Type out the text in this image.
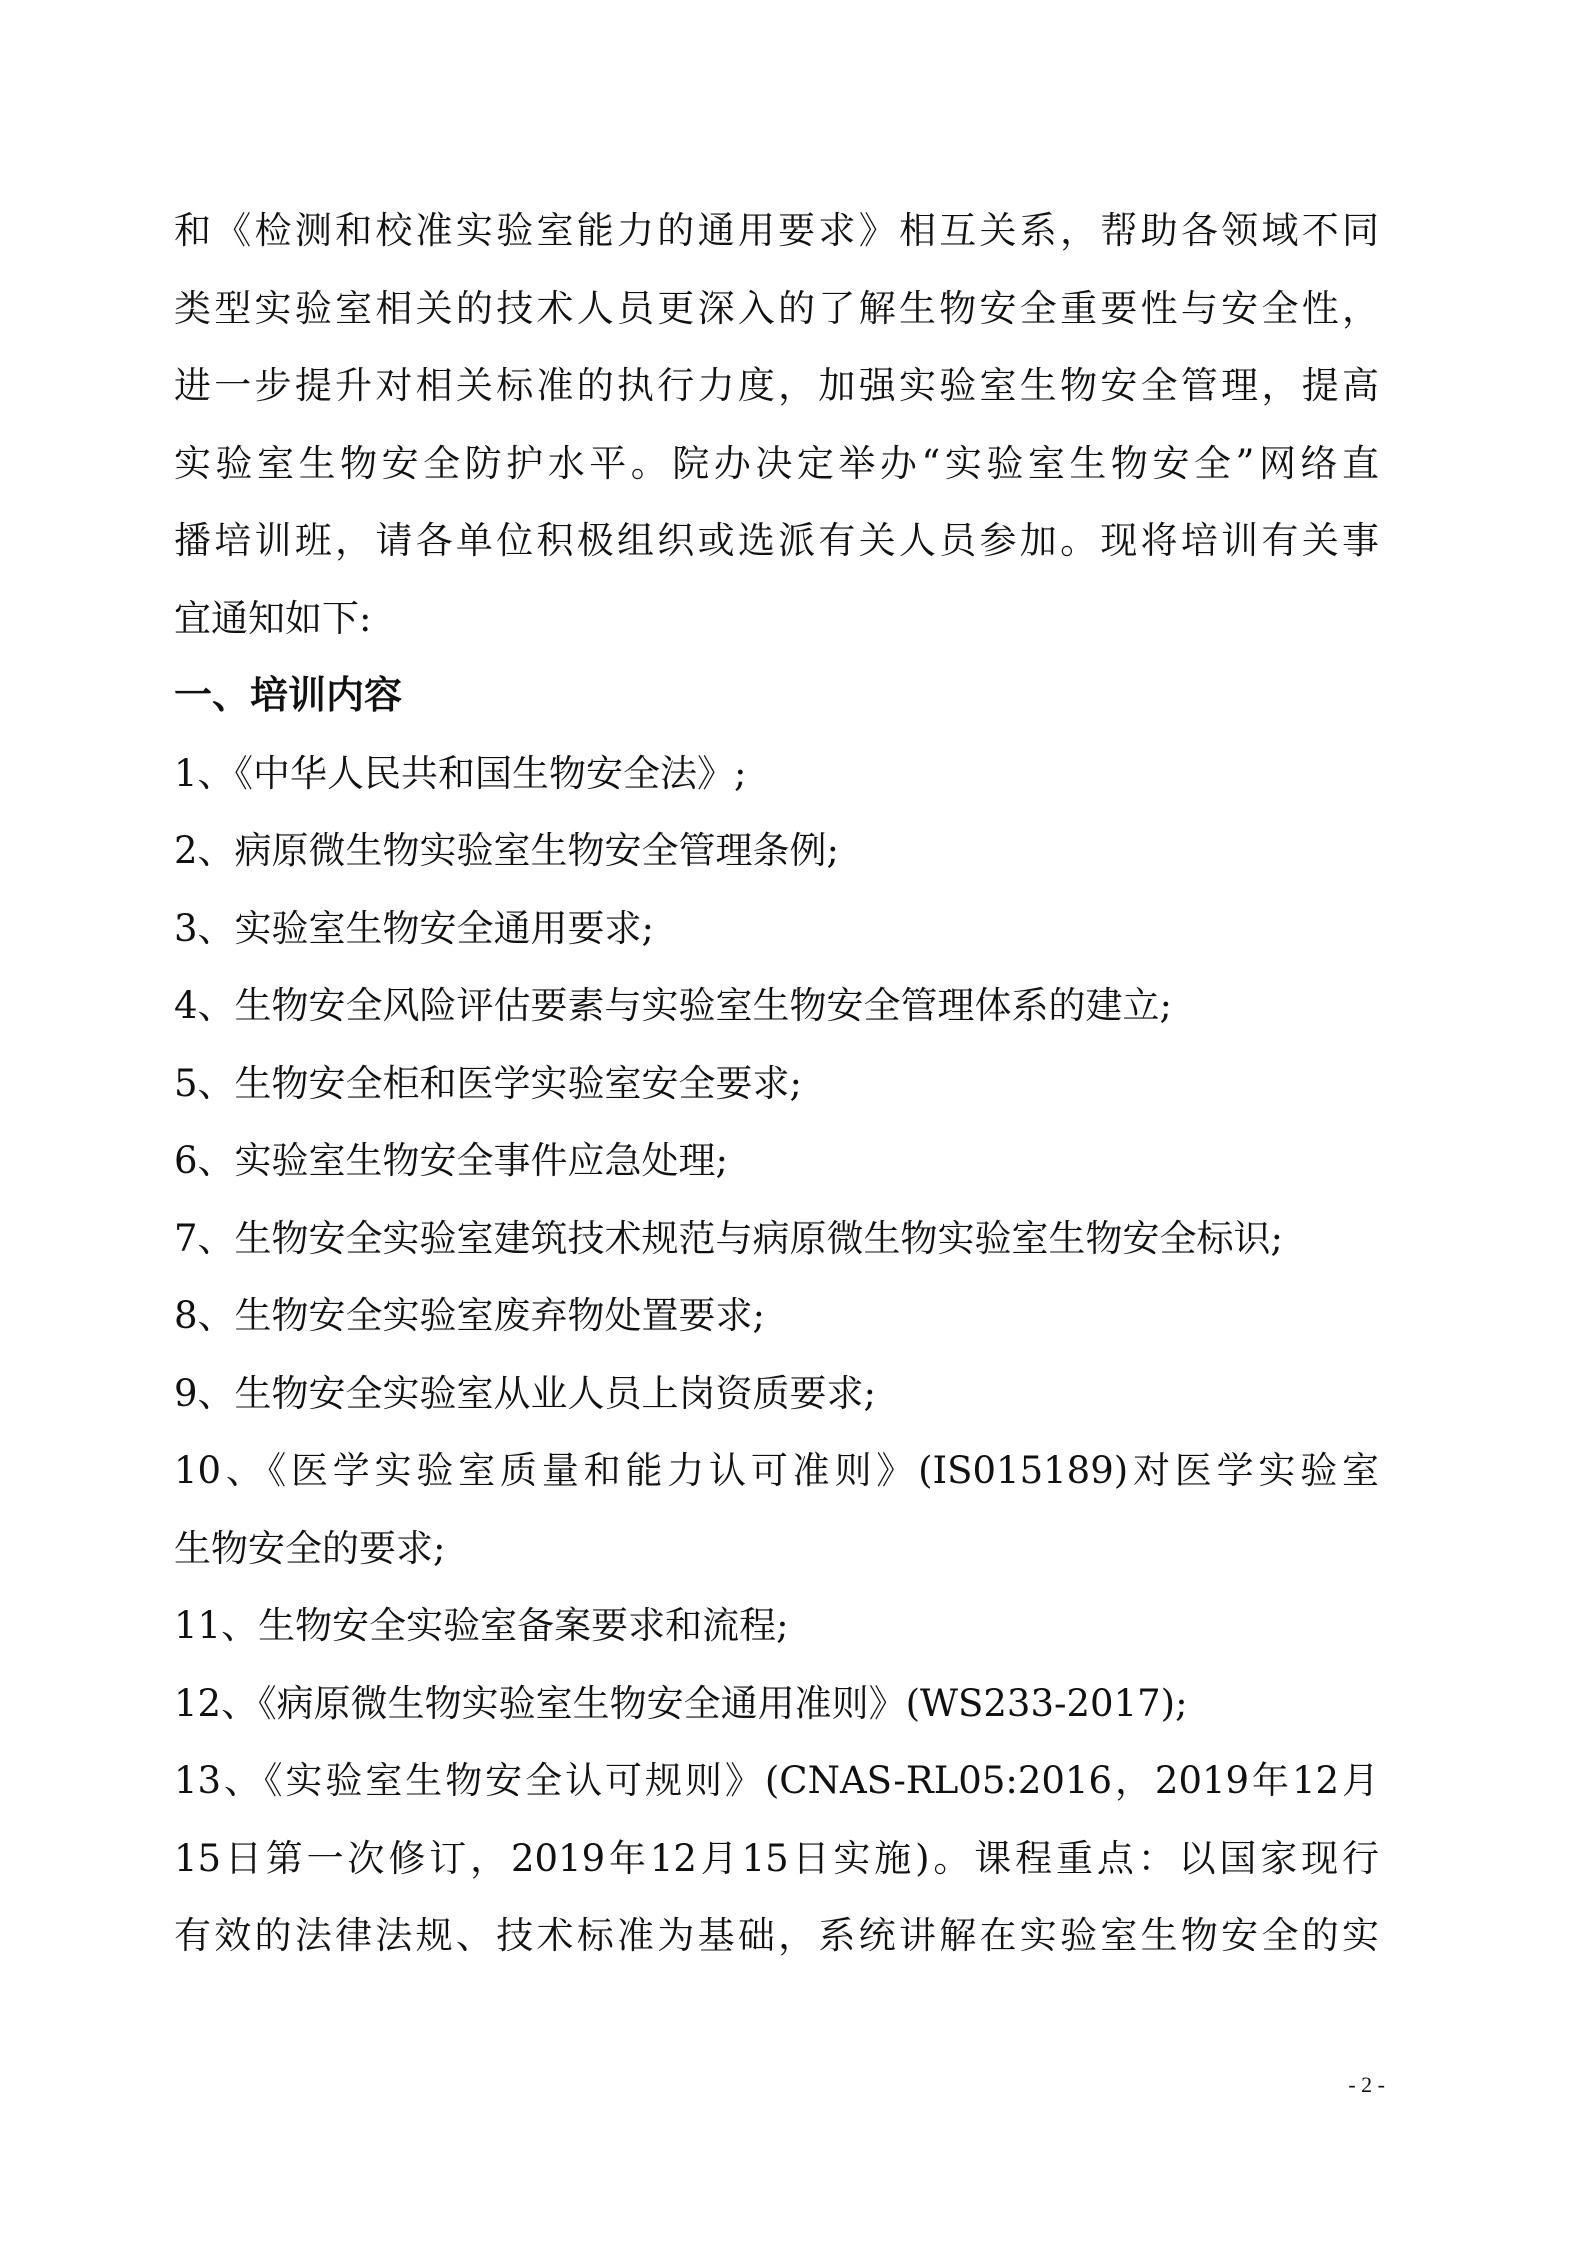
和《检测和校准实验室能力的通用要求》相互关系，帮助各领域不同
类型实验室相关的技术人员更深入的了解生物安全重要性与安全性，
进一步提升对相关标准的执行力度，加强实验室生物安全管理，提高
实验室生物安全防护水平。院办决定举办“实验室生物安全”网络直
播培训班，请各单位积极组织或选派有关人员参加。现将培训有关事
宜通知如下:
一、培训内容
1、《中华人民共和国生物安全法》;
2、病原微生物实验室生物安全管理条例;
3、实验室生物安全通用要求;
4、生物安全风险评估要素与实验室生物安全管理体系的建立;
5、生物安全柜和医学实验室安全要求;
6、实验室生物安全事件应急处理;
7、生物安全实验室建筑技术规范与病原微生物实验室生物安全标识;
8、生物安全实验室废弃物处置要求;
9、生物安全实验室从业人员上岗资质要求;
10、《医学实验室质量和能力认可准则》(IS015189)对医学实验室
生物安全的要求;
11、生物安全实验室备案要求和流程;
12、《病原微生物实验室生物安全通用准则》(WS233-2017);
13、《实验室生物安全认可规则》(CNAS-RL05:2016，2019年12月
15日第一次修订，2019年12月15日实施)。课程重点：以国家现行
有效的法律法规、技术标准为基础，系统讲解在实验室生物安全的实
- 2 -
